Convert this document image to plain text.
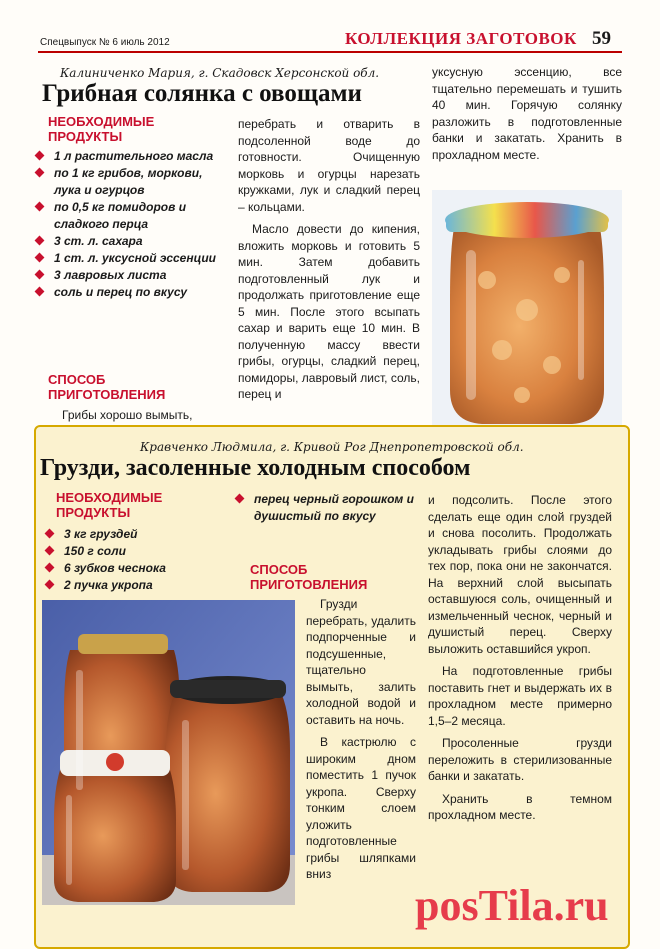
Спецвыпуск № 6 июль 2012	КОЛЛЕКЦИЯ ЗАГОТОВОК 59
Калиниченко Мария, г. Скадовск Херсонской обл.
Грибная солянка с овощами
НЕОБХОДИМЫЕ ПРОДУКТЫ
1 л растительного масла
по 1 кг грибов, моркови, лука и огурцов
по 0,5 кг помидоров и сладкого перца
3 ст. л. сахара
1 ст. л. уксусной эссенции
3 лавровых листа
соль и перец по вкусу
СПОСОБ ПРИГОТОВЛЕНИЯ

Грибы хорошо вымыть,

перебрать и отварить в подсоленной воде до готовности. Очищенную морковь и огурцы нарезать кружками, лук и сладкий перец – кольцами.

Масло довести до кипения, вложить морковь и готовить 5 мин. Затем добавить подготовленный лук и продолжать приготовление еще 5 мин. После этого всыпать сахар и варить еще 10 мин. В полученную массу ввести грибы, огурцы, сладкий перец, помидоры, лавровый лист, соль, перец и

уксусную эссенцию, все тщательно перемешать и тушить 40 мин. Горячую солянку разложить в подготовленные банки и закатать. Хранить в прохладном месте.

Кравченко Людмила, г. Кривой Рог Днепропетровской обл.
Грузди, засоленные холодным способом
НЕОБХОДИМЫЕ ПРОДУКТЫ
3 кг груздей
150 г соли
6 зубков чеснока
2 пучка укропа
перец черный горошком и душистый по вкусу
СПОСОБ ПРИГОТОВЛЕНИЯ

Грузди перебрать, удалить подпорченные и подсушенные, тщательно вымыть, залить холодной водой и оставить на ночь.

В кастрюлю с широким дном поместить 1 пучок укропа. Сверху тонким слоем уложить подготовленные грибы шляпками вниз

и подсолить. После этого сделать еще один слой груздей и снова посолить. Продолжать укладывать грибы слоями до тех пор, пока они не закончатся. На верхний слой высыпать оставшуюся соль, очищенный и измельченный чеснок, черный и душистый перец. Сверху выложить оставшийся укроп.

На подготовленные грибы поставить гнет и выдержать их в прохладном месте примерно 1,5–2 месяца.

Просоленные грузди переложить в стерилизованные банки и закатать.

Хранить в темном прохладном месте.

posTila.ru
